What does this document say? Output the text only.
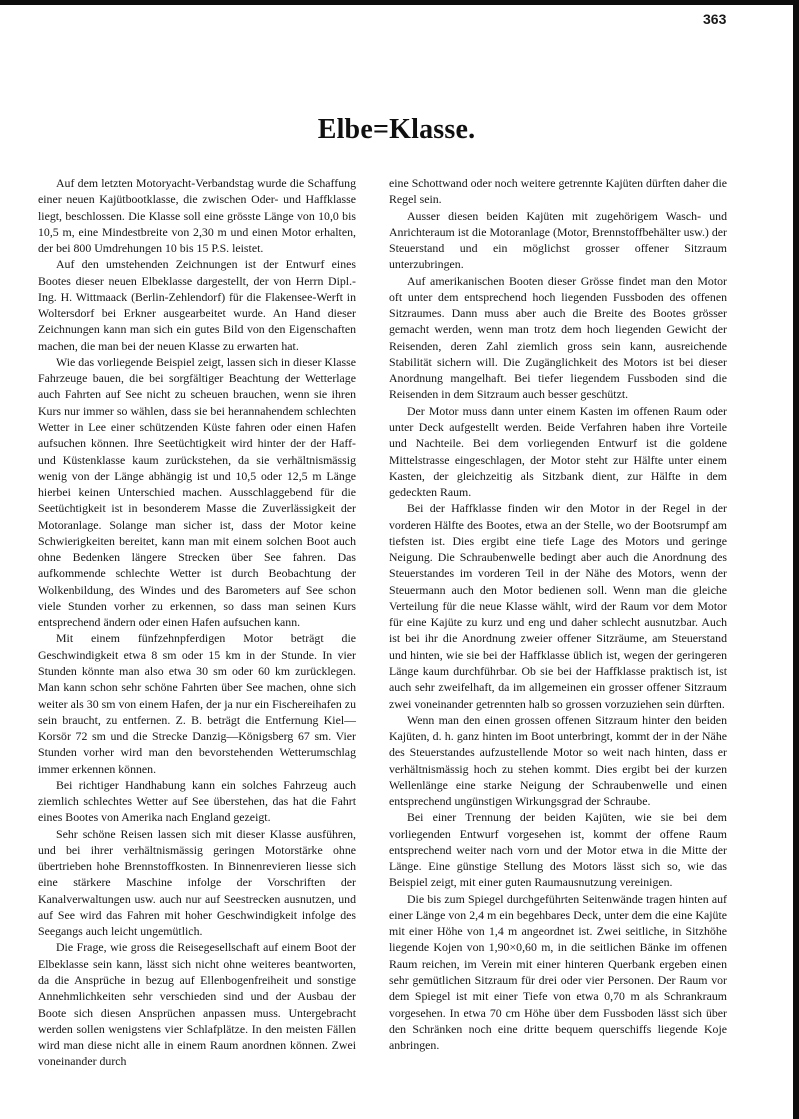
363
Elbe=Klasse.

Auf dem letzten Motoryacht-Verbandstag wurde die Schaffung einer neuen Kajütbootklasse, die zwischen Oder- und Haffklasse liegt, beschlossen. Die Klasse soll eine grösste Länge von 10,0 bis 10,5 m, eine Mindestbreite von 2,30 m und einen Motor erhalten, der bei 800 Umdrehungen 10 bis 15 P.S. leistet.

Auf den umstehenden Zeichnungen ist der Entwurf eines Bootes dieser neuen Elbeklasse dargestellt, der von Herrn Dipl.-Ing. H. Wittmaack (Berlin-Zehlendorf) für die Flakensee-Werft in Woltersdorf bei Erkner ausgearbeitet wurde. An Hand dieser Zeichnungen kann man sich ein gutes Bild von den Eigenschaften machen, die man bei der neuen Klasse zu erwarten hat.

Wie das vorliegende Beispiel zeigt, lassen sich in dieser Klasse Fahrzeuge bauen, die bei sorgfältiger Beachtung der Wetterlage auch Fahrten auf See nicht zu scheuen brauchen, wenn sie ihren Kurs nur immer so wählen, dass sie bei herannahendem schlechten Wetter in Lee einer schützenden Küste fahren oder einen Hafen aufsuchen können. Ihre Seetüchtigkeit wird hinter der der Haff- und Küstenklasse kaum zurückstehen, da sie verhältnismässig wenig von der Länge abhängig ist und 10,5 oder 12,5 m Länge hierbei keinen Unterschied machen. Ausschlaggebend für die Seetüchtigkeit ist in besonderem Masse die Zuverlässigkeit der Motoranlage. Solange man sicher ist, dass der Motor keine Schwierigkeiten bereitet, kann man mit einem solchen Boot auch ohne Bedenken längere Strecken über See fahren. Das aufkommende schlechte Wetter ist durch Beobachtung der Wolkenbildung, des Windes und des Barometers auf See schon viele Stunden vorher zu erkennen, so dass man seinen Kurs entsprechend ändern oder einen Hafen aufsuchen kann.

Mit einem fünfzehnpferdigen Motor beträgt die Geschwindigkeit etwa 8 sm oder 15 km in der Stunde. In vier Stunden könnte man also etwa 30 sm oder 60 km zurücklegen. Man kann schon sehr schöne Fahrten über See machen, ohne sich weiter als 30 sm von einem Hafen, der ja nur ein Fischereihafen zu sein braucht, zu entfernen. Z. B. beträgt die Entfernung Kiel—Korsör 72 sm und die Strecke Danzig—Königsberg 67 sm. Vier Stunden vorher wird man den bevorstehenden Wetterumschlag immer erkennen können.

Bei richtiger Handhabung kann ein solches Fahrzeug auch ziemlich schlechtes Wetter auf See überstehen, das hat die Fahrt eines Bootes von Amerika nach England gezeigt.

Sehr schöne Reisen lassen sich mit dieser Klasse ausführen, und bei ihrer verhältnismässig geringen Motorstärke ohne übertrieben hohe Brennstoffkosten. In Binnenrevieren liesse sich eine stärkere Maschine infolge der Vorschriften der Kanalverwaltungen usw. auch nur auf Seestrecken ausnutzen, und auf See wird das Fahren mit hoher Geschwindigkeit infolge des Seegangs auch leicht ungemütlich.

Die Frage, wie gross die Reisegesellschaft auf einem Boot der Elbeklasse sein kann, lässt sich nicht ohne weiteres beantworten, da die Ansprüche in bezug auf Ellenbogenfreiheit und sonstige Annehmlichkeiten sehr verschieden sind und der Ausbau der Boote sich diesen Ansprüchen anpassen muss. Untergebracht werden sollen wenigstens vier Schlafplätze. In den meisten Fällen wird man diese nicht alle in einem Raum anordnen können. Zwei voneinander durch

eine Schottwand oder noch weitere getrennte Kajüten dürften daher die Regel sein.

Ausser diesen beiden Kajüten mit zugehörigem Wasch- und Anrichteraum ist die Motoranlage (Motor, Brennstoffbehälter usw.) der Steuerstand und ein möglichst grosser offener Sitzraum unterzubringen.

Auf amerikanischen Booten dieser Grösse findet man den Motor oft unter dem entsprechend hoch liegenden Fussboden des offenen Sitzraumes. Dann muss aber auch die Breite des Bootes grösser gemacht werden, wenn man trotz dem hoch liegenden Gewicht der Reisenden, deren Zahl ziemlich gross sein kann, ausreichende Stabilität sichern will. Die Zugänglichkeit des Motors ist bei dieser Anordnung mangelhaft. Bei tiefer liegendem Fussboden sind die Reisenden in dem Sitzraum auch besser geschützt.

Der Motor muss dann unter einem Kasten im offenen Raum oder unter Deck aufgestellt werden. Beide Verfahren haben ihre Vorteile und Nachteile. Bei dem vorliegenden Entwurf ist die goldene Mittelstrasse eingeschlagen, der Motor steht zur Hälfte unter einem Kasten, der gleichzeitig als Sitzbank dient, zur Hälfte in dem gedeckten Raum.

Bei der Haffklasse finden wir den Motor in der Regel in der vorderen Hälfte des Bootes, etwa an der Stelle, wo der Bootsrumpf am tiefsten ist. Dies ergibt eine tiefe Lage des Motors und geringe Neigung. Die Schraubenwelle bedingt aber auch die Anordnung des Steuerstandes im vorderen Teil in der Nähe des Motors, wenn der Steuermann auch den Motor bedienen soll. Wenn man die gleiche Verteilung für die neue Klasse wählt, wird der Raum vor dem Motor für eine Kajüte zu kurz und eng und daher schlecht ausnutzbar. Auch ist bei ihr die Anordnung zweier offener Sitzräume, am Steuerstand und hinten, wie sie bei der Haffklasse üblich ist, wegen der geringeren Länge kaum durchführbar. Ob sie bei der Haffklasse praktisch ist, ist auch sehr zweifelhaft, da im allgemeinen ein grosser offener Sitzraum zwei voneinander getrennten halb so grossen vorzuziehen sein dürften.

Wenn man den einen grossen offenen Sitzraum hinter den beiden Kajüten, d. h. ganz hinten im Boot unterbringt, kommt der in der Nähe des Steuerstandes aufzustellende Motor so weit nach hinten, dass er verhältnismässig hoch zu stehen kommt. Dies ergibt bei der kurzen Wellenlänge eine starke Neigung der Schraubenwelle und einen entsprechend ungünstigen Wirkungsgrad der Schraube.

Bei einer Trennung der beiden Kajüten, wie sie bei dem vorliegenden Entwurf vorgesehen ist, kommt der offene Raum entsprechend weiter nach vorn und der Motor etwa in die Mitte der Länge. Eine günstige Stellung des Motors lässt sich so, wie das Beispiel zeigt, mit einer guten Raumausnutzung vereinigen.

Die bis zum Spiegel durchgeführten Seitenwände tragen hinten auf einer Länge von 2,4 m ein begehbares Deck, unter dem die eine Kajüte mit einer Höhe von 1,4 m angeordnet ist. Zwei seitliche, in Sitzhöhe liegende Kojen von 1,90×0,60 m, in die seitlichen Bänke im offenen Raum reichen, im Verein mit einer hinteren Querbank ergeben einen sehr gemütlichen Sitzraum für drei oder vier Personen. Der Raum vor dem Spiegel ist mit einer Tiefe von etwa 0,70 m als Schrankraum vorgesehen. In etwa 70 cm Höhe über dem Fussboden lässt sich über den Schränken noch eine dritte bequem querschiffs liegende Koje anbringen.
